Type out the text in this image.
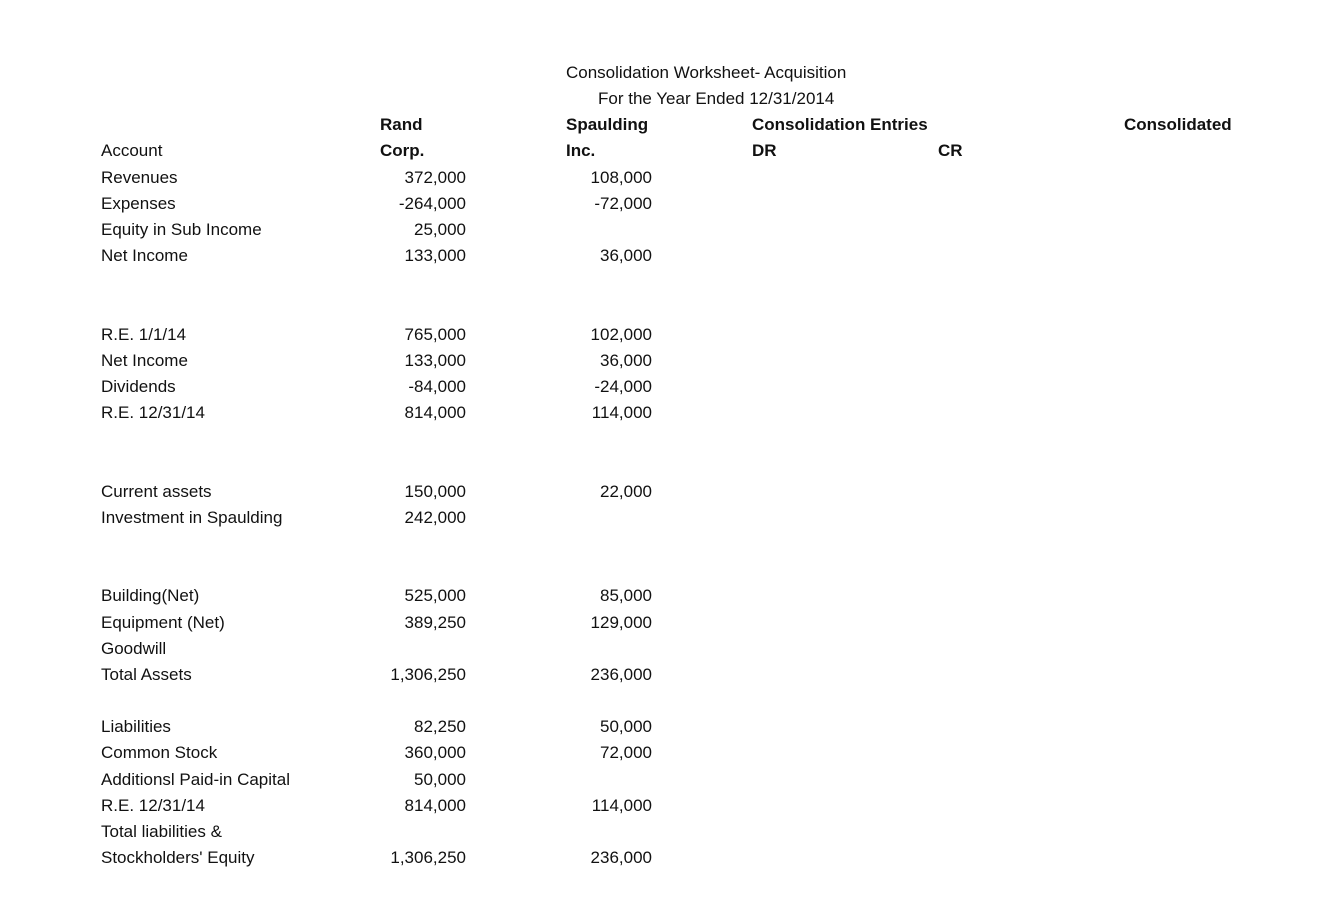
Consolidation Worksheet- Acquisition
For the Year Ended 12/31/2014
Rand	Spaulding	Consolidation Entries	Consolidated
Account	Corp.	Inc.	DR	CR
Revenues	372,000	108,000
Expenses	-264,000	-72,000
Equity in Sub Income	25,000
Net Income	133,000	36,000
R.E. 1/1/14	765,000	102,000
Net Income	133,000	36,000
Dividends	-84,000	-24,000
R.E. 12/31/14	814,000	114,000
Current assets	150,000	22,000
Investment in Spaulding	242,000
Building(Net)	525,000	85,000
Equipment (Net)	389,250	129,000
Goodwill
Total Assets	1,306,250	236,000
Liabilities	82,250	50,000
Common Stock	360,000	72,000
Additionsl Paid-in Capital	50,000
R.E. 12/31/14	814,000	114,000
Total liabilities &
Stockholders' Equity	1,306,250	236,000
